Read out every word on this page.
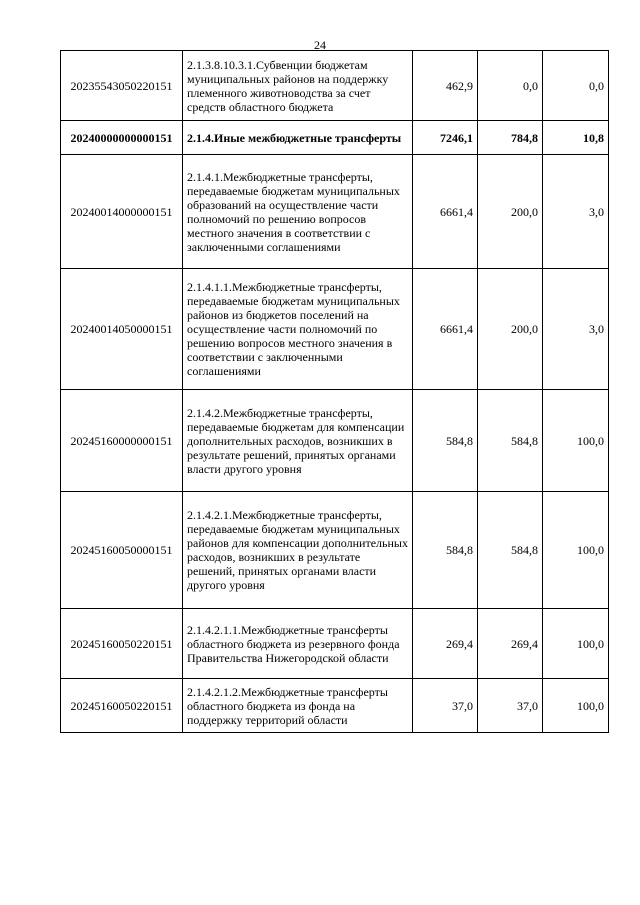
24
20235543050220151	2.1.3.8.10.3.1.Субвенции бюджетам муниципальных районов на поддержку племенного животноводства за счет средств областного бюджета	462,9	0,0	0,0
20240000000000151	2.1.4.Иные межбюджетные трансферты	7246,1	784,8	10,8
20240014000000151	2.1.4.1.Межбюджетные трансферты, передаваемые бюджетам муниципальных образований на осуществление части полномочий по решению вопросов местного значения в соответствии с заключенными соглашениями	6661,4	200,0	3,0
20240014050000151	2.1.4.1.1.Межбюджетные трансферты, передаваемые бюджетам муниципальных районов из бюджетов поселений на осуществление части полномочий по решению вопросов местного значения в соответствии с заключенными соглашениями	6661,4	200,0	3,0
20245160000000151	2.1.4.2.Межбюджетные трансферты, передаваемые бюджетам для компенсации дополнительных расходов, возникших в результате решений, принятых органами власти другого уровня	584,8	584,8	100,0
20245160050000151	2.1.4.2.1.Межбюджетные трансферты, передаваемые бюджетам муниципальных районов для компенсации дополнительных расходов, возникших в результате решений, принятых органами власти другого уровня	584,8	584,8	100,0
20245160050220151	2.1.4.2.1.1.Межбюджетные трансферты областного бюджета из резервного фонда Правительства Нижегородской области	269,4	269,4	100,0
20245160050220151	2.1.4.2.1.2.Межбюджетные трансферты областного бюджета из фонда на поддержку территорий области	37,0	37,0	100,0
